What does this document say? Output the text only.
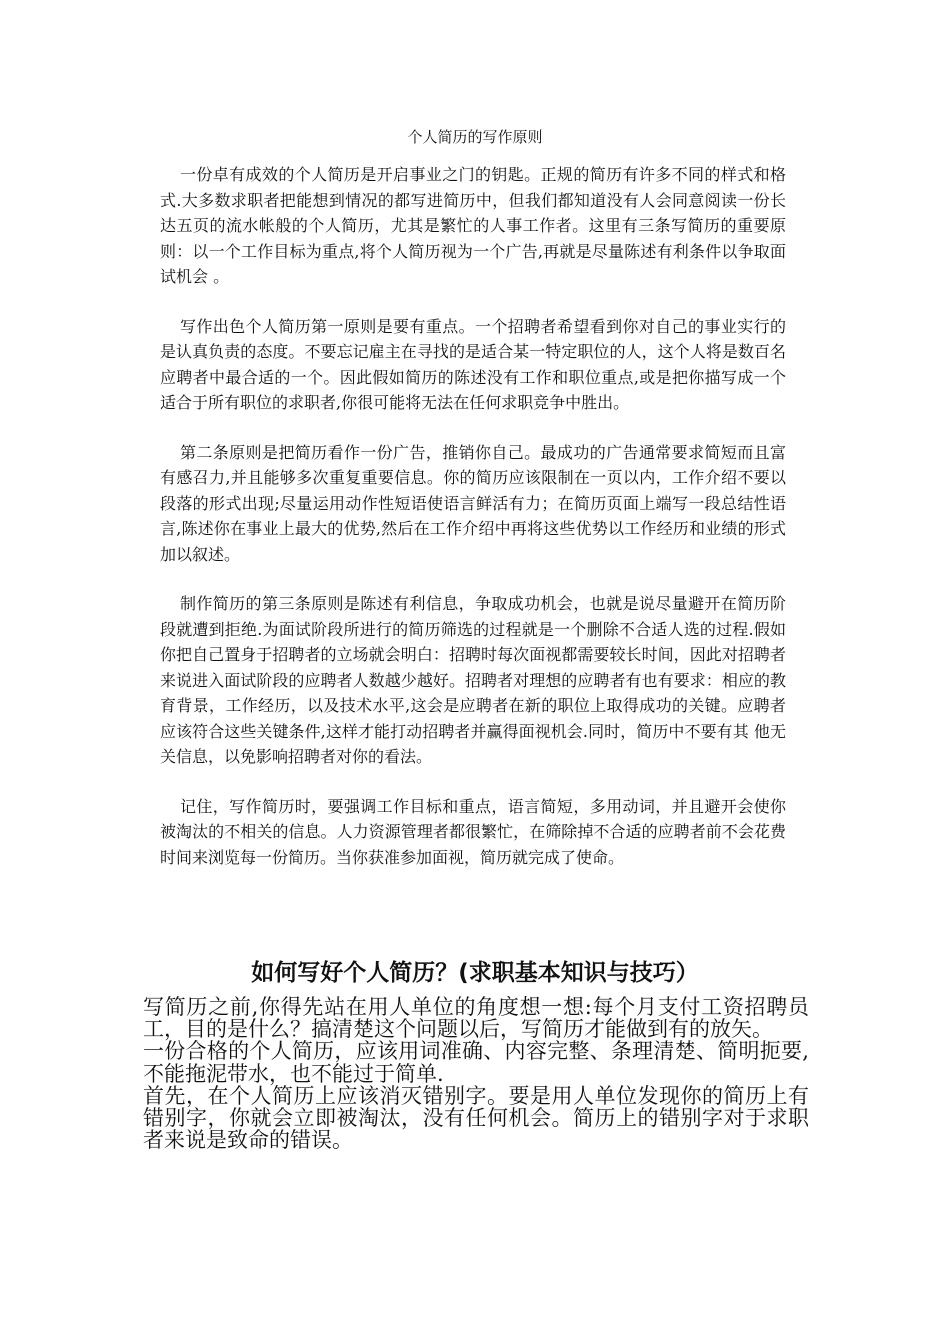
个人简历的写作原则

一份卓有成效的个人简历是开启事业之门的钥匙。正规的简历有许多不同的样式和格式.大多数求职者把能想到情况的都写进简历中，但我们都知道没有人会同意阅读一份长达五页的流水帐般的个人简历，尤其是繁忙的人事工作者。这里有三条写简历的重要原则：以一个工作目标为重点,将个人简历视为一个广告,再就是尽量陈述有利条件以争取面试机会 。

写作出色个人简历第一原则是要有重点。一个招聘者希望看到你对自己的事业实行的是认真负责的态度。不要忘记雇主在寻找的是适合某一特定职位的人，这个人将是数百名应聘者中最合适的一个。因此假如简历的陈述没有工作和职位重点,或是把你描写成一个适合于所有职位的求职者,你很可能将无法在任何求职竞争中胜出。

第二条原则是把简历看作一份广告，推销你自己。最成功的广告通常要求简短而且富有感召力,并且能够多次重复重要信息。你的简历应该限制在一页以内，工作介绍不要以段落的形式出现;尽量运用动作性短语使语言鲜活有力；在简历页面上端写一段总结性语言,陈述你在事业上最大的优势,然后在工作介绍中再将这些优势以工作经历和业绩的形式加以叙述。

制作简历的第三条原则是陈述有利信息，争取成功机会，也就是说尽量避开在简历阶段就遭到拒绝.为面试阶段所进行的简历筛选的过程就是一个删除不合适人选的过程.假如你把自己置身于招聘者的立场就会明白：招聘时每次面视都需要较长时间，因此对招聘者来说进入面试阶段的应聘者人数越少越好。招聘者对理想的应聘者有也有要求：相应的教育背景，工作经历，以及技术水平,这会是应聘者在新的职位上取得成功的关键。应聘者应该符合这些关键条件,这样才能打动招聘者并赢得面视机会.同时，简历中不要有其 他无关信息，以免影响招聘者对你的看法。

记住，写作简历时，要强调工作目标和重点，语言简短，多用动词，并且避开会使你被淘汰的不相关的信息。人力资源管理者都很繁忙，在筛除掉不合适的应聘者前不会花费时间来浏览每一份简历。当你获准参加面视，简历就完成了使命。

如何写好个人简历？(求职基本知识与技巧）

写简历之前,你得先站在用人单位的角度想一想:每个月支付工资招聘员工，目的是什么？搞清楚这个问题以后，写简历才能做到有的放矢。

一份合格的个人简历，应该用词准确、内容完整、条理清楚、简明扼要,不能拖泥带水，也不能过于简单.

首先，在个人简历上应该消灭错别字。要是用人单位发现你的简历上有错别字，你就会立即被淘汰，没有任何机会。简历上的错别字对于求职者来说是致命的错误。
